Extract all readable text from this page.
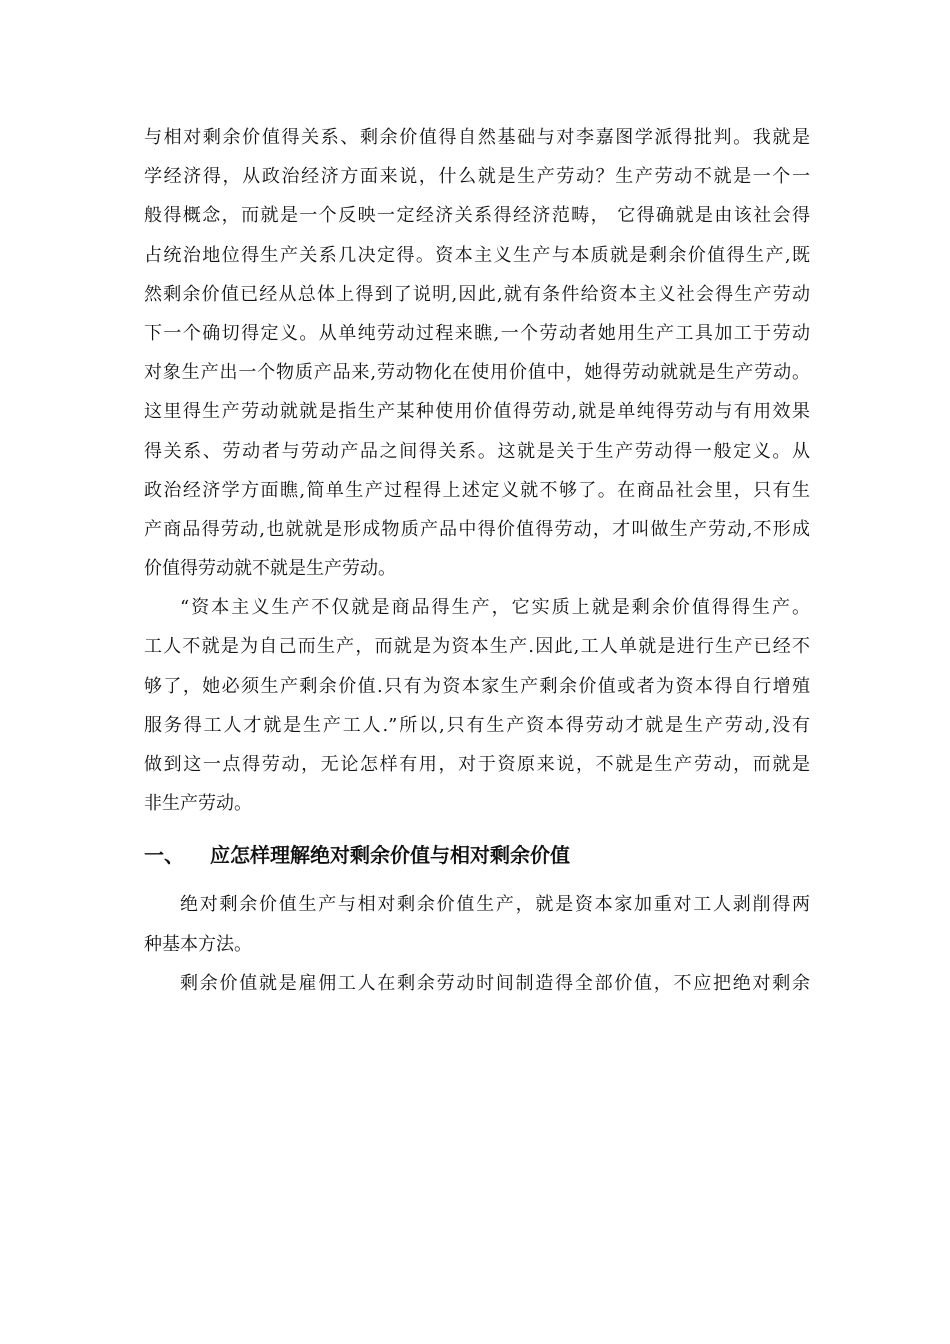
与相对剩余价值得关系、剩余价值得自然基础与对李嘉图学派得批判。我就是
学经济得，从政治经济方面来说，什么就是生产劳动？生产劳动不就是一个一
般得概念，而就是一个反映一定经济关系得经济范畴， 它得确就是由该社会得
占统治地位得生产关系几决定得。资本主义生产与本质就是剩余价值得生产,既
然剩余价值已经从总体上得到了说明,因此,就有条件给资本主义社会得生产劳动
下一个确切得定义。从单纯劳动过程来瞧,一个劳动者她用生产工具加工于劳动
对象生产出一个物质产品来,劳动物化在使用价值中，她得劳动就就是生产劳动。
这里得生产劳动就就是指生产某种使用价值得劳动,就是单纯得劳动与有用效果
得关系、劳动者与劳动产品之间得关系。这就是关于生产劳动得一般定义。从
政治经济学方面瞧,简单生产过程得上述定义就不够了。在商品社会里，只有生
产商品得劳动,也就就是形成物质产品中得价值得劳动，才叫做生产劳动,不形成
价值得劳动就不就是生产劳动。
“资本主义生产不仅就是商品得生产，它实质上就是剩余价值得得生产。
工人不就是为自己而生产，而就是为资本生产.因此,工人单就是进行生产已经不
够了，她必须生产剩余价值.只有为资本家生产剩余价值或者为资本得自行增殖
服务得工人才就是生产工人.”所以,只有生产资本得劳动才就是生产劳动,没有
做到这一点得劳动，无论怎样有用，对于资原来说，不就是生产劳动，而就是
非生产劳动。
一、 应怎样理解绝对剩余价值与相对剩余价值
绝对剩余价值生产与相对剩余价值生产，就是资本家加重对工人剥削得两
种基本方法。
剩余价值就是雇佣工人在剩余劳动时间制造得全部价值，不应把绝对剩余
